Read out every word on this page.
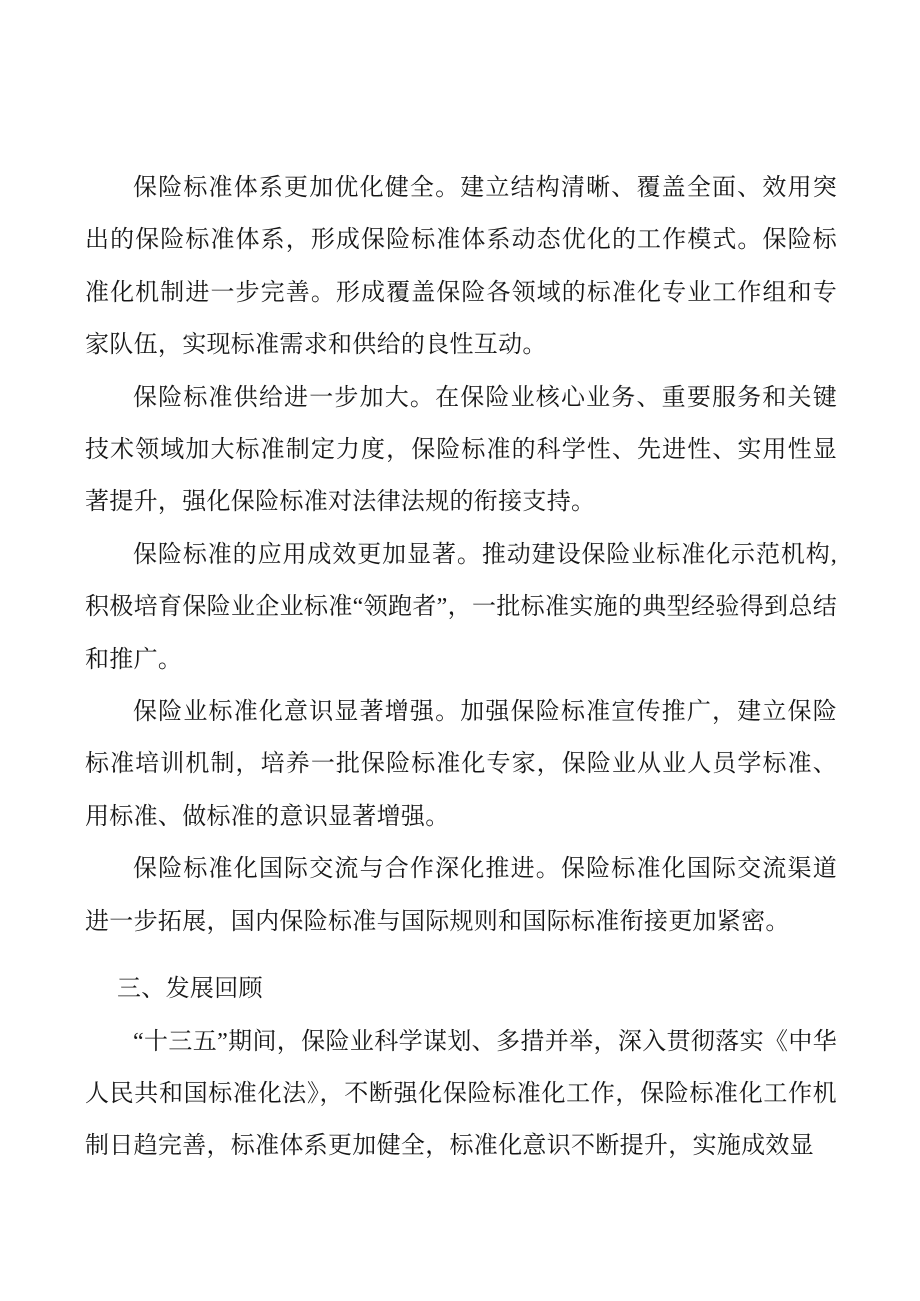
保险标准体系更加优化健全。建立结构清晰、覆盖全面、效用突出的保险标准体系，形成保险标准体系动态优化的工作模式。保险标准化机制进一步完善。形成覆盖保险各领域的标准化专业工作组和专家队伍，实现标准需求和供给的良性互动。

保险标准供给进一步加大。在保险业核心业务、重要服务和关键技术领域加大标准制定力度，保险标准的科学性、先进性、实用性显著提升，强化保险标准对法律法规的衔接支持。

保险标准的应用成效更加显著。推动建设保险业标准化示范机构,积极培育保险业企业标准“领跑者”，一批标准实施的典型经验得到总结和推广。

保险业标准化意识显著增强。加强保险标准宣传推广，建立保险标准培训机制，培养一批保险标准化专家，保险业从业人员学标准、用标准、做标准的意识显著增强。

保险标准化国际交流与合作深化推进。保险标准化国际交流渠道进一步拓展，国内保险标准与国际规则和国际标准衔接更加紧密。

三、发展回顾

“十三五”期间，保险业科学谋划、多措并举，深入贯彻落实《中华人民共和国标准化法》，不断强化保险标准化工作，保险标准化工作机制日趋完善，标准体系更加健全，标准化意识不断提升，实施成效显
